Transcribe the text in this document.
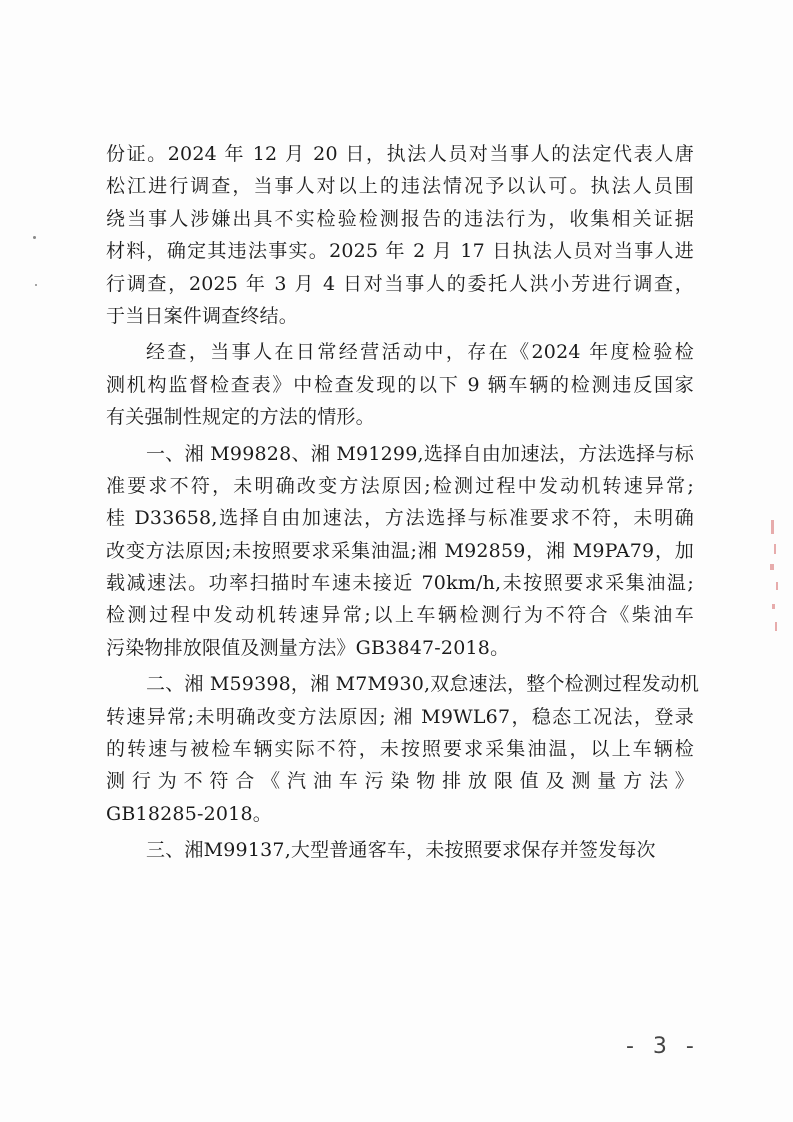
份证。2024 年 12 月 20 日，执法人员对当事人的法定代表人唐
松江进行调查，当事人对以上的违法情况予以认可。执法人员围
绕当事人涉嫌出具不实检验检测报告的违法行为，收集相关证据
材料，确定其违法事实。2025 年 2 月 17 日执法人员对当事人进
行调查，2025 年 3 月 4 日对当事人的委托人洪小芳进行调查，
于当日案件调查终结。
经查，当事人在日常经营活动中，存在《2024 年度检验检
测机构监督检查表》中检查发现的以下 9 辆车辆的检测违反国家
有关强制性规定的方法的情形。
一、湘 M99828、湘 M91299,选择自由加速法，方法选择与标
准要求不符，未明确改变方法原因;检测过程中发动机转速异常;
桂 D33658,选择自由加速法，方法选择与标准要求不符，未明确
改变方法原因;未按照要求采集油温;湘 M92859，湘 M9PA79，加
载减速法。功率扫描时车速未接近 70km/h,未按照要求采集油温;
检测过程中发动机转速异常;以上车辆检测行为不符合《柴油车
污染物排放限值及测量方法》GB3847-2018。
二、湘 M59398，湘 M7M930,双怠速法，整个检测过程发动机
转速异常;未明确改变方法原因; 湘 M9WL67，稳态工况法，登录
的转速与被检车辆实际不符，未按照要求采集油温，以上车辆检
测行为不符合《汽油车污染物排放限值及测量方法》
GB18285-2018。
三、湘M99137,大型普通客车，未按照要求保存并签发每次
- 3 -
